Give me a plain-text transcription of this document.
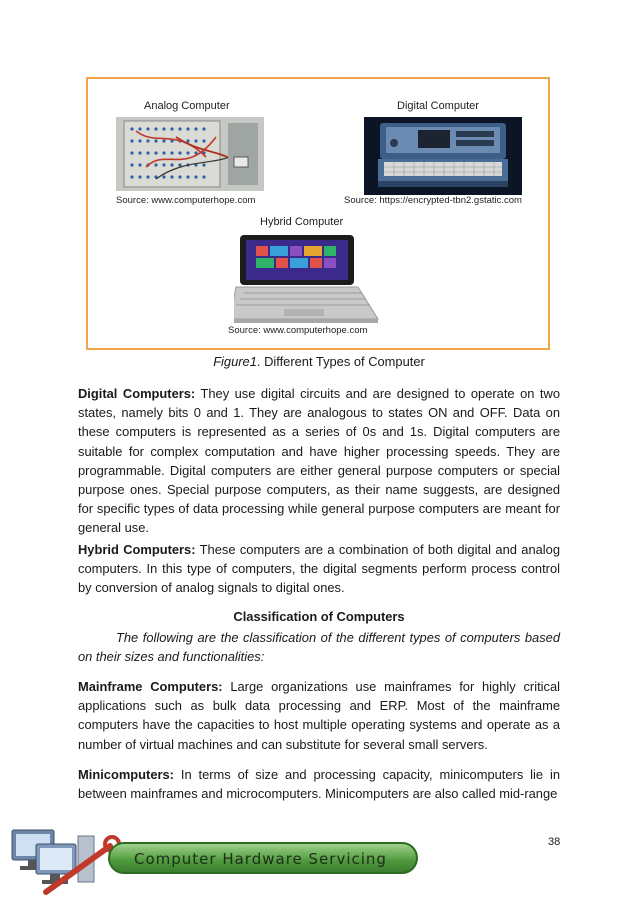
Analog Computer	Digital Computer
Source: www.computerhope.com	Source: https://encrypted-tbn2.gstatic.com
Hybrid Computer
Source: www.computerhope.com
Figure1. Different Types of Computer

Digital Computers: They use digital circuits and are designed to operate on two states, namely bits 0 and 1. They are analogous to states ON and OFF. Data on these computers is represented as a series of 0s and 1s. Digital computers are suitable for complex computation and have higher processing speeds. They are programmable. Digital computers are either general purpose computers or special purpose ones. Special purpose computers, as their name suggests, are designed for specific types of data processing while general purpose computers are meant for general use.

Hybrid Computers: These computers are a combination of both digital and analog computers. In this type of computers, the digital segments perform process control by conversion of analog signals to digital ones.

Classification of Computers

The following are the classification of the different types of computers based on their sizes and functionalities:

Mainframe Computers: Large organizations use mainframes for highly critical applications such as bulk data processing and ERP. Most of the mainframe computers have the capacities to host multiple operating systems and operate as a number of virtual machines and can substitute for several small servers.

Minicomputers: In terms of size and processing capacity, minicomputers lie in between mainframes and microcomputers. Minicomputers are also called mid-range

38
Computer Hardware Servicing
